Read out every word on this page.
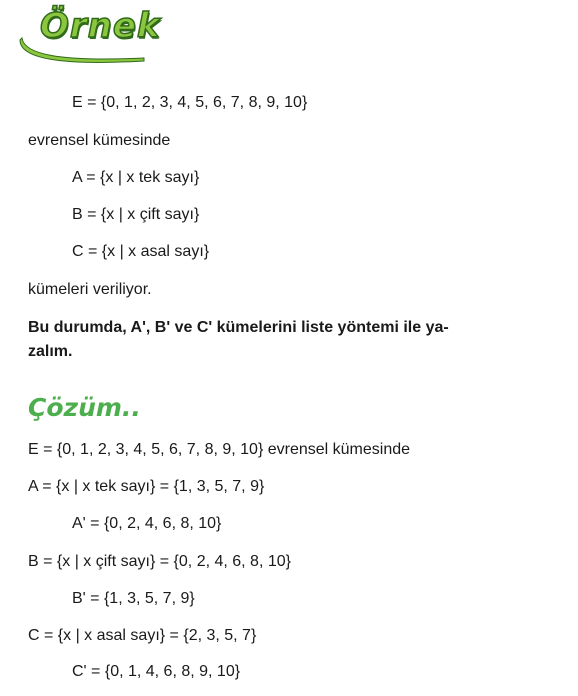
Örnek
E = {0, 1, 2, 3, 4, 5, 6, 7, 8, 9, 10}
evrensel kümesinde
A = {x | x tek sayı}
B = {x | x çift sayı}
C = {x | x asal sayı}
kümeleri veriliyor.
Bu durumda, A', B' ve C' kümelerini liste yöntemi ile ya-
zalım.
Çözüm..
E = {0, 1, 2, 3, 4, 5, 6, 7, 8, 9, 10} evrensel kümesinde
A = {x | x tek sayı} = {1, 3, 5, 7, 9}
A' = {0, 2, 4, 6, 8, 10}
B = {x | x çift sayı} = {0, 2, 4, 6, 8, 10}
B' = {1, 3, 5, 7, 9}
C = {x | x asal sayı} = {2, 3, 5, 7}
C' = {0, 1, 4, 6, 8, 9, 10}
